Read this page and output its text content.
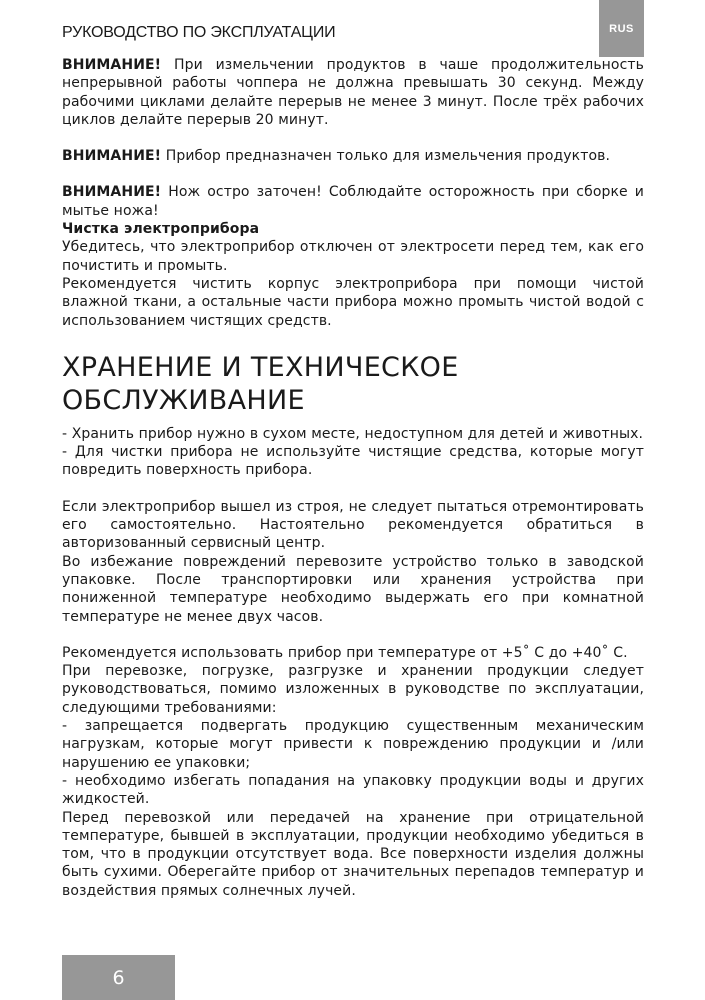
РУКОВОДСТВО ПО ЭКСПЛУАТАЦИИ	RUS

ВНИМАНИЕ! При измельчении продуктов в чаше продолжительность непрерывной работы чоппера не должна превышать 30 секунд. Между рабочими циклами делайте перерыв не менее 3 минут. После трёх рабочих циклов делайте перерыв 20 минут.

ВНИМАНИЕ! Прибор предназначен только для измельчения продуктов.

ВНИМАНИЕ! Нож остро заточен! Соблюдайте осторожность при сборке и мытье ножа!

Чистка электроприбора

Убедитесь, что электроприбор отключен от электросети перед тем, как его почистить и промыть.

Рекомендуется чистить корпус электроприбора при помощи чистой влажной ткани, а остальные части прибора можно промыть чистой водой с использованием чистящих средств.

ХРАНЕНИЕ И ТЕХНИЧЕСКОЕ
ОБСЛУЖИВАНИЕ

- Хранить прибор нужно в сухом месте, недоступном для детей и животных.

- Для чистки прибора не используйте чистящие средства, которые могут повредить поверхность прибора.

Если электроприбор вышел из строя, не следует пытаться отремонтировать его самостоятельно. Настоятельно рекомендуется обратиться в авторизованный сервисный центр.

Во избежание повреждений перевозите устройство только в заводской упаковке. После транспортировки или хранения устройства при пониженной температуре необходимо выдержать его при комнатной температуре не менее двух часов.

Рекомендуется использовать прибор при температуре от +5˚ С до +40˚ С.

При перевозке, погрузке, разгрузке и хранении продукции следует руководствоваться, помимо изложенных в руководстве по эксплуатации, следующими требованиями:

- запрещается подвергать продукцию существенным механическим нагрузкам, которые могут привести к повреждению продукции и /или нарушению ее упаковки;

- необходимо избегать попадания на упаковку продукции воды и других жидкостей.

Перед перевозкой или передачей на хранение при отрицательной температуре, бывшей в эксплуатации, продукции необходимо убедиться в том, что в продукции отсутствует вода. Все поверхности изделия должны быть сухими. Оберегайте прибор от значительных перепадов температур и воздействия прямых солнечных лучей.

6
